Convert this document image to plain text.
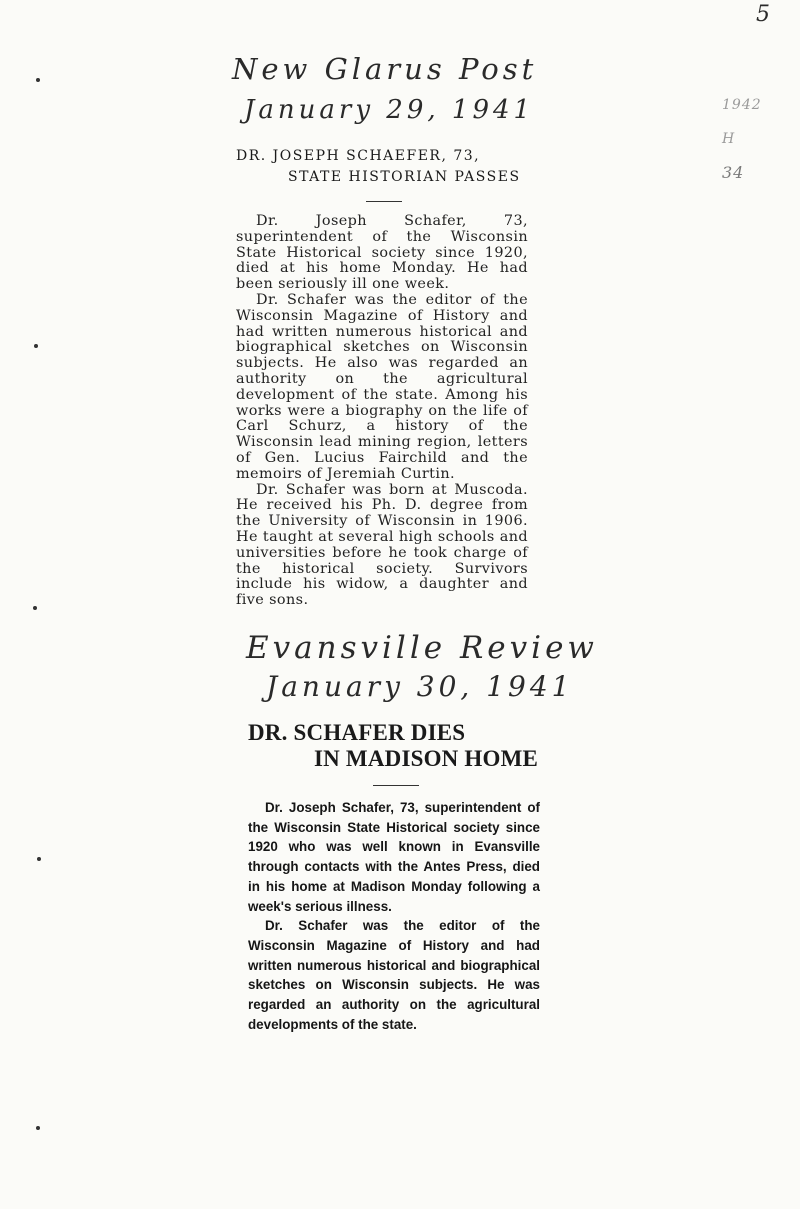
5
1942
H
34
New Glarus Post
January 29, 1941
Evansville Review
January 30, 1941
DR. JOSEPH SCHAEFER, 73,
STATE HISTORIAN PASSES

Dr. Joseph Schafer, 73, superintendent of the Wisconsin State Historical society since 1920, died at his home Monday. He had been seriously ill one week.

Dr. Schafer was the editor of the Wisconsin Magazine of History and had written numerous historical and biographical sketches on Wisconsin subjects. He also was regarded an authority on the agricultural development of the state. Among his works were a biography on the life of Carl Schurz, a history of the Wisconsin lead mining region, letters of Gen. Lucius Fairchild and the memoirs of Jeremiah Curtin.

Dr. Schafer was born at Muscoda. He received his Ph. D. degree from the University of Wisconsin in 1906. He taught at several high schools and universities before he took charge of the historical society. Survivors include his widow, a daughter and five sons.

DR. SCHAFER DIES
IN MADISON HOME

Dr. Joseph Schafer, 73, superintendent of the Wisconsin State Historical society since 1920 who was well known in Evansville through contacts with the Antes Press, died in his home at Madison Monday following a week's serious illness.

Dr. Schafer was the editor of the Wisconsin Magazine of History and had written numerous historical and biographical sketches on Wisconsin subjects. He was regarded an authority on the agricultural developments of the state.
